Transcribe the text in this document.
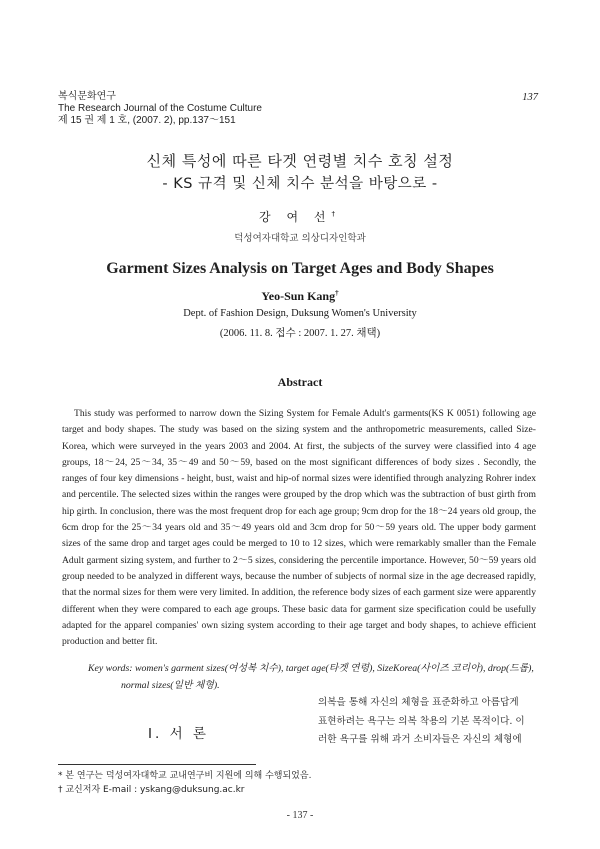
복식문화연구
The Research Journal of the Costume Culture
제 15 권 제 1 호, (2007. 2), pp.137～151
137
신체 특성에 따른 타겟 연령별 치수 호칭 설정
- KS 규격 및 신체 치수 분석을 바탕으로 -
강 여 선†
덕성여자대학교 의상디자인학과
Garment Sizes Analysis on Target Ages and Body Shapes
Yeo-Sun Kang†
Dept. of Fashion Design, Duksung Women's University
(2006. 11. 8. 접수 : 2007. 1. 27. 채택)
Abstract

This study was performed to narrow down the Sizing System for Female Adult's garments(KS K 0051) following age target and body shapes. The study was based on the sizing system and the anthropometric measurements, called Size-Korea, which were surveyed in the years 2003 and 2004. At first, the subjects of the survey were classified into 4 age groups, 18～24, 25～34, 35～49 and 50～59, based on the most significant differences of body sizes . Secondly, the ranges of four key dimensions - height, bust, waist and hip-of normal sizes were identified through analyzing Rohrer index and percentile. The selected sizes within the ranges were grouped by the drop which was the subtraction of bust girth from hip girth. In conclusion, there was the most frequent drop for each age group; 9cm drop for the 18～24 years old group, the 6cm drop for the 25～34 years old and 35～49 years old and 3cm drop for 50～59 years old. The upper body garment sizes of the same drop and target ages could be merged to 10 to 12 sizes, which were remarkably smaller than the Female Adult garment sizing system, and further to 2～5 sizes, considering the percentile importance. However, 50～59 years old group needed to be analyzed in different ways, because the number of subjects of normal size in the age decreased rapidly, that the normal sizes for them were very limited. In addition, the reference body sizes of each garment size were apparently different when they were compared to each age groups. These basic data for garment size specification could be usefully adapted for the apparel companies' own sizing system according to their age target and body shapes, to achieve efficient production and better fit.

Key words: women's garment sizes(여성복 치수), target age(타겟 연령), SizeKorea(사이즈 코리아), drop(드롭),
normal sizes(일반 체형).
Ⅰ. 서 론
의복을 통해 자신의 체형을 표준화하고 아름답게
표현하려는 욕구는 의복 착용의 기본 목적이다. 이
러한 욕구를 위해 과거 소비자들은 자신의 체형에
* 본 연구는 덕성여자대학교 교내연구비 지원에 의해 수행되었음.
† 교신저자 E-mail : yskang@duksung.ac.kr
- 137 -
